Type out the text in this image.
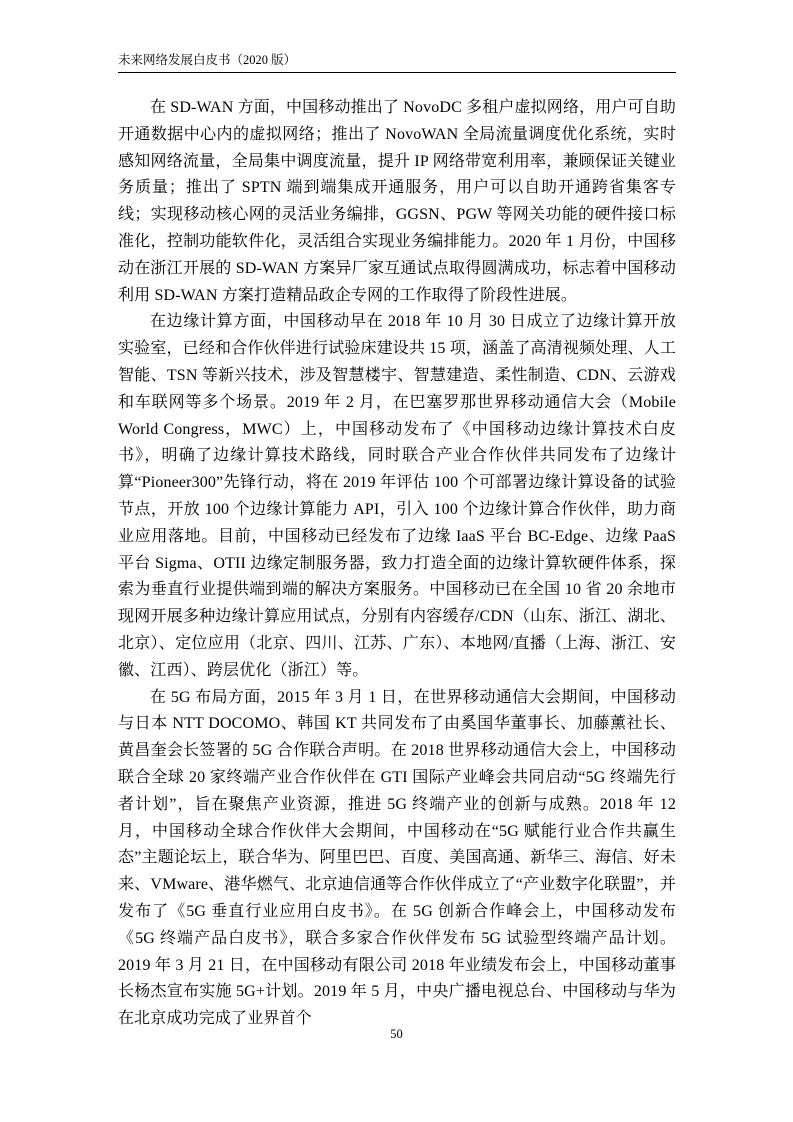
未来网络发展白皮书（2020 版）

在 SD-WAN 方面，中国移动推出了 NovoDC 多租户虚拟网络，用户可自助开通数据中心内的虚拟网络；推出了 NovoWAN 全局流量调度优化系统，实时感知网络流量，全局集中调度流量，提升 IP 网络带宽利用率，兼顾保证关键业务质量；推出了 SPTN 端到端集成开通服务，用户可以自助开通跨省集客专线；实现移动核心网的灵活业务编排，GGSN、PGW 等网关功能的硬件接口标准化，控制功能软件化，灵活组合实现业务编排能力。2020 年 1 月份，中国移动在浙江开展的 SD-WAN 方案异厂家互通试点取得圆满成功，标志着中国移动利用 SD-WAN 方案打造精品政企专网的工作取得了阶段性进展。

在边缘计算方面，中国移动早在 2018 年 10 月 30 日成立了边缘计算开放实验室，已经和合作伙伴进行试验床建设共 15 项，涵盖了高清视频处理、人工智能、TSN 等新兴技术，涉及智慧楼宇、智慧建造、柔性制造、CDN、云游戏和车联网等多个场景。2019 年 2 月，在巴塞罗那世界移动通信大会（Mobile World Congress，MWC）上，中国移动发布了《中国移动边缘计算技术白皮书》，明确了边缘计算技术路线，同时联合产业合作伙伴共同发布了边缘计算“Pioneer300”先锋行动，将在 2019 年评估 100 个可部署边缘计算设备的试验节点，开放 100 个边缘计算能力 API，引入 100 个边缘计算合作伙伴，助力商业应用落地。目前，中国移动已经发布了边缘 IaaS 平台 BC-Edge、边缘 PaaS 平台 Sigma、OTII 边缘定制服务器，致力打造全面的边缘计算软硬件体系，探索为垂直行业提供端到端的解决方案服务。中国移动已在全国 10 省 20 余地市现网开展多种边缘计算应用试点，分别有内容缓存/CDN（山东、浙江、湖北、北京）、定位应用（北京、四川、江苏、广东）、本地网/直播（上海、浙江、安徽、江西）、跨层优化（浙江）等。

在 5G 布局方面，2015 年 3 月 1 日，在世界移动通信大会期间，中国移动与日本 NTT DOCOMO、韩国 KT 共同发布了由奚国华董事长、加藤薰社长、黄昌奎会长签署的 5G 合作联合声明。在 2018 世界移动通信大会上，中国移动联合全球 20 家终端产业合作伙伴在 GTI 国际产业峰会共同启动“5G 终端先行者计划”，旨在聚焦产业资源，推进 5G 终端产业的创新与成熟。2018 年 12 月，中国移动全球合作伙伴大会期间，中国移动在“5G 赋能行业合作共赢生态”主题论坛上，联合华为、阿里巴巴、百度、美国高通、新华三、海信、好未来、VMware、港华燃气、北京迪信通等合作伙伴成立了“产业数字化联盟”，并发布了《5G 垂直行业应用白皮书》。在 5G 创新合作峰会上，中国移动发布《5G 终端产品白皮书》，联合多家合作伙伴发布 5G 试验型终端产品计划。2019 年 3 月 21 日，在中国移动有限公司 2018 年业绩发布会上，中国移动董事长杨杰宣布实施 5G+计划。2019 年 5 月，中央广播电视总台、中国移动与华为在北京成功完成了业界首个

50
